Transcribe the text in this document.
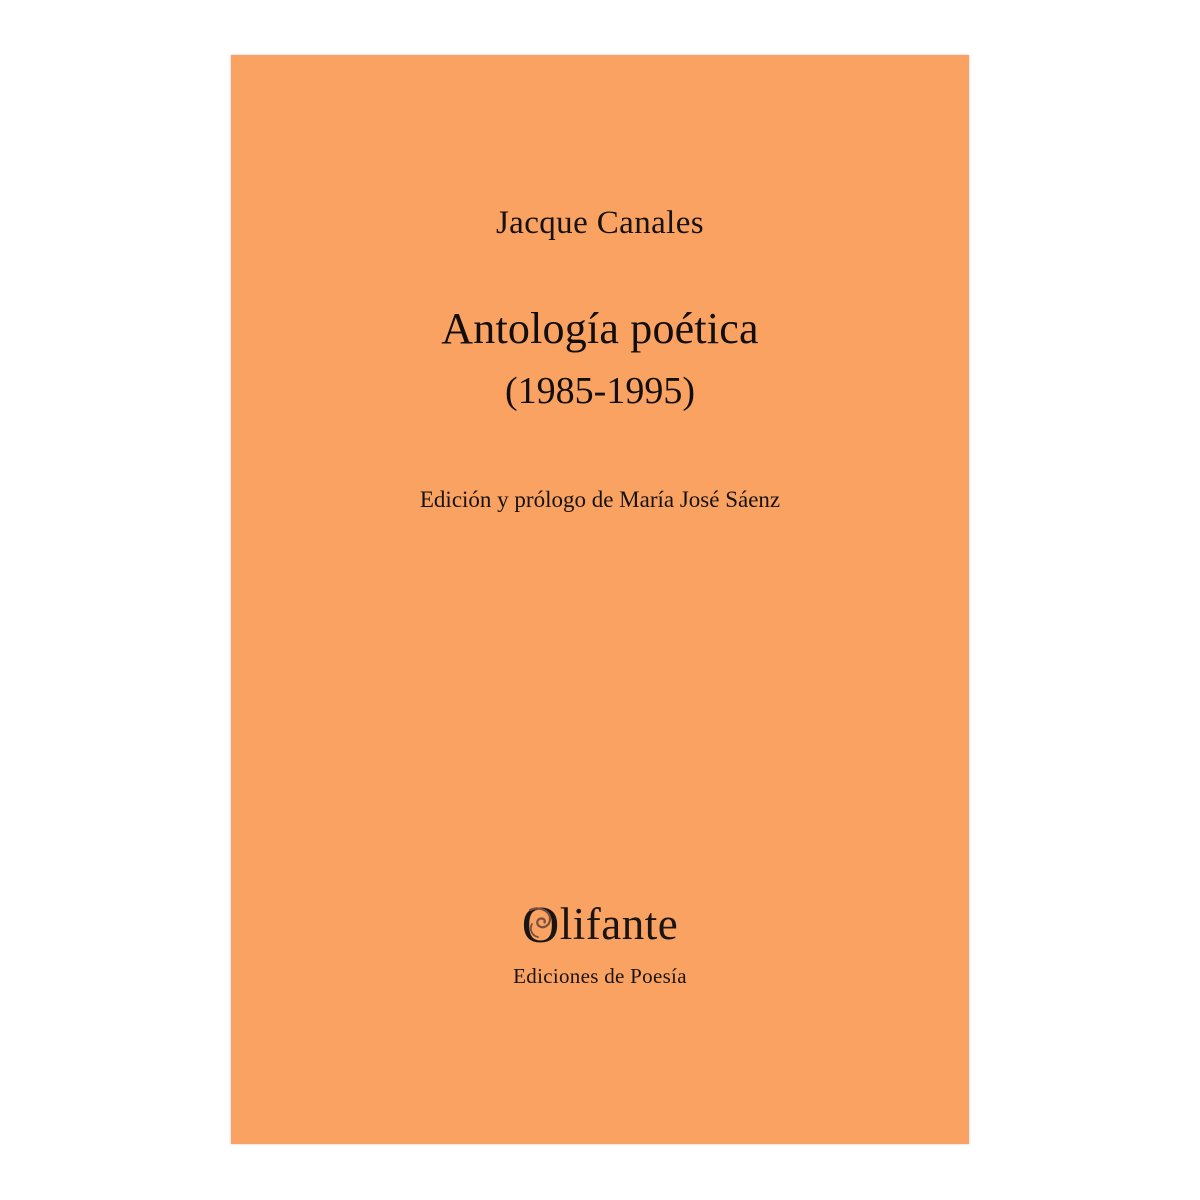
Jacque Canales
Antología poética
(1985-1995)
Edición y prólogo de María José Sáenz
Olifante
Ediciones de Poesía
